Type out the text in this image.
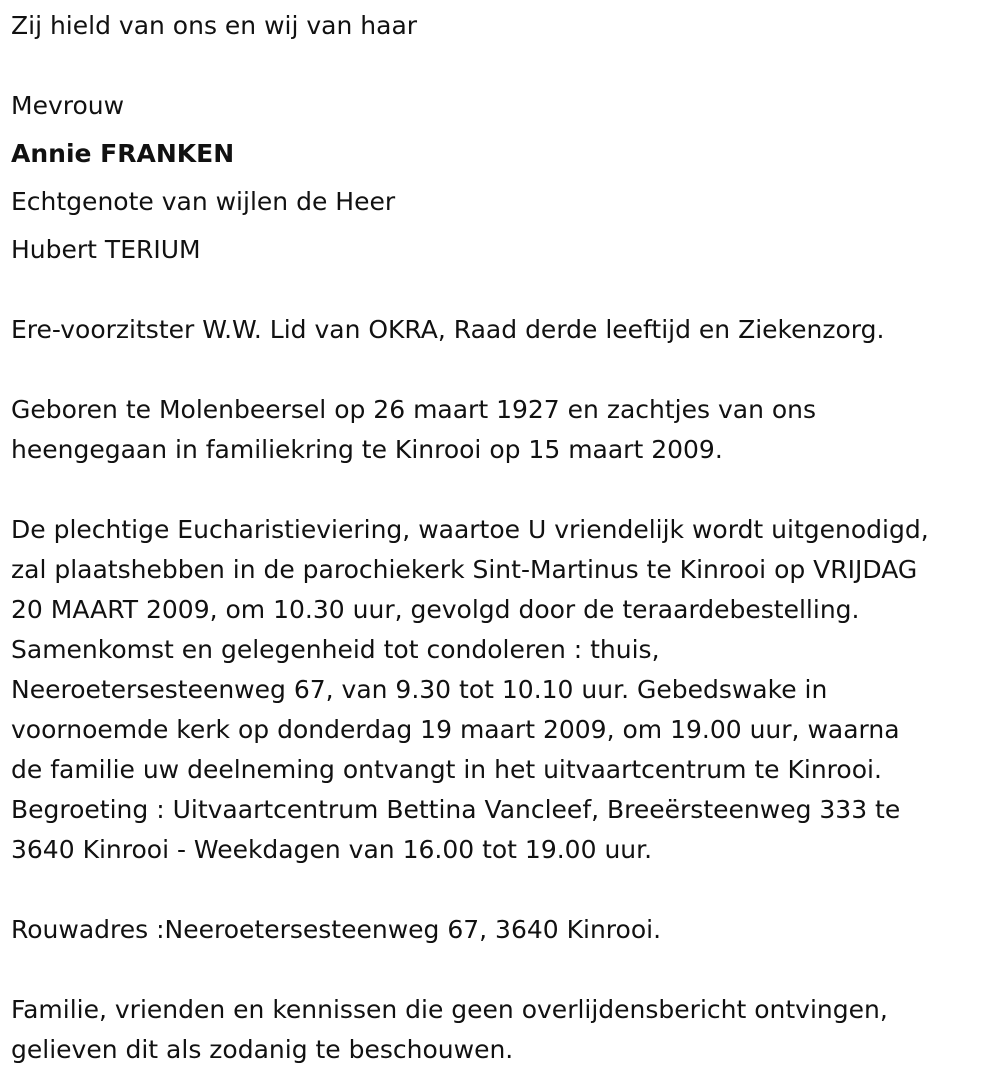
Zij hield van ons en wij van haar
Mevrouw
Annie FRANKEN
Echtgenote van wijlen de Heer
Hubert TERIUM
Ere-voorzitster W.W. Lid van OKRA, Raad derde leeftijd en Ziekenzorg.
Geboren te Molenbeersel op 26 maart 1927 en zachtjes van ons
heengegaan in familiekring te Kinrooi op 15 maart 2009.
De plechtige Eucharistieviering, waartoe U vriendelijk wordt uitgenodigd,
zal plaatshebben in de parochiekerk Sint-Martinus te Kinrooi op VRIJDAG
20 MAART 2009, om 10.30 uur, gevolgd door de teraardebestelling.
Samenkomst en gelegenheid tot condoleren : thuis,
Neeroetersesteenweg 67, van 9.30 tot 10.10 uur. Gebedswake in
voornoemde kerk op donderdag 19 maart 2009, om 19.00 uur, waarna
de familie uw deelneming ontvangt in het uitvaartcentrum te Kinrooi.
Begroeting : Uitvaartcentrum Bettina Vancleef, Breeërsteenweg 333 te
3640 Kinrooi - Weekdagen van 16.00 tot 19.00 uur.
Rouwadres :Neeroetersesteenweg 67, 3640 Kinrooi.
Familie, vrienden en kennissen die geen overlijdensbericht ontvingen,
gelieven dit als zodanig te beschouwen.
